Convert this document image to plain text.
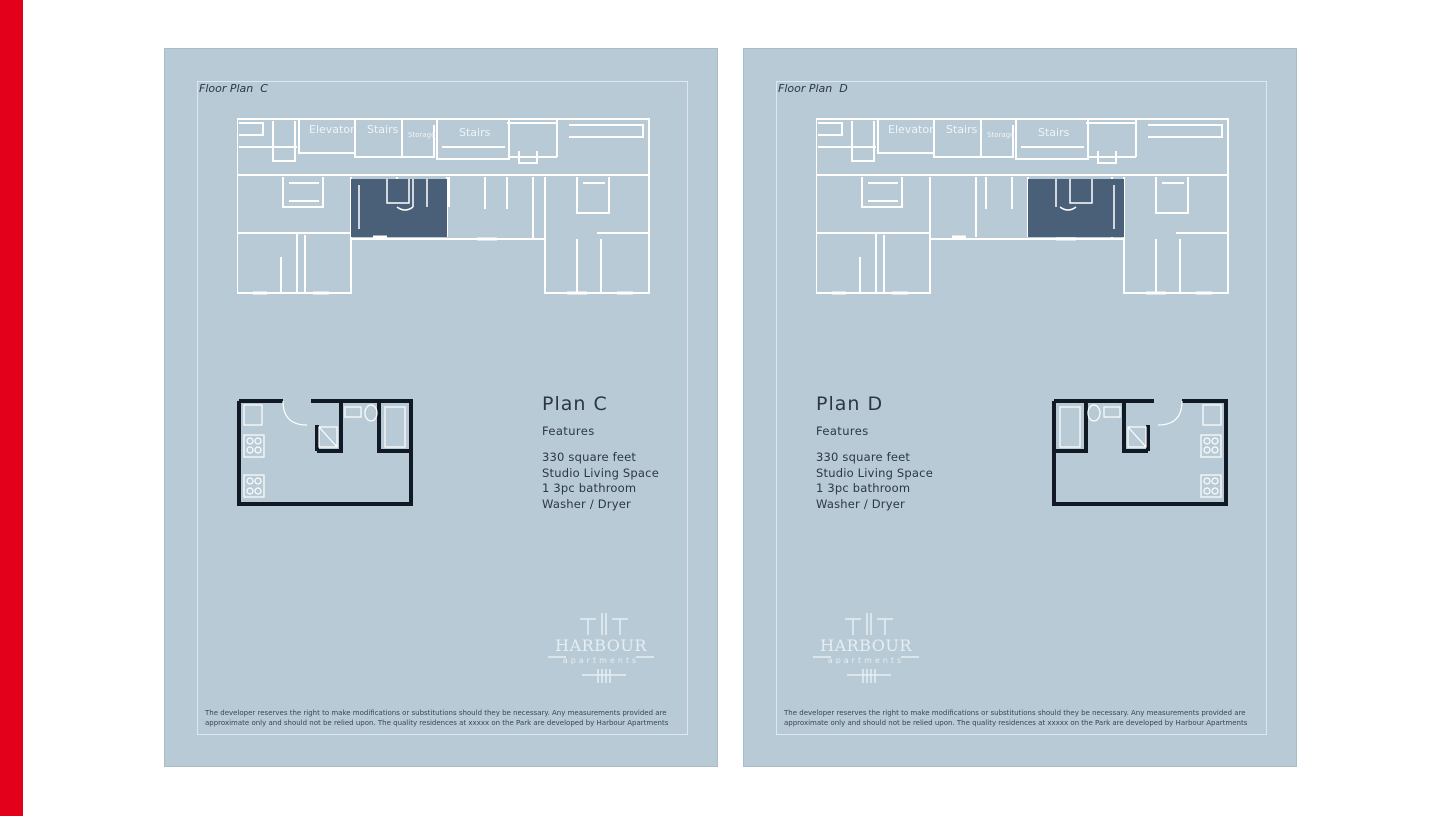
Floor Plan  C
Elevator Stairs Storage Stairs
Plan C
Features
330 square feet
Studio Living Space
1 3pc bathroom
Washer / Dryer
HARBOUR
apartments
The developer reserves the right to make modifications or substitutions should they be necessary. Any measurements provided are approximate only and should not be relied upon. The quality residences at xxxxx on the Park are developed by Harbour Apartments
Floor Plan  D
Elevator Stairs Storage Stairs
Plan D
Features
330 square feet
Studio Living Space
1 3pc bathroom
Washer / Dryer
HARBOUR
apartments
The developer reserves the right to make modifications or substitutions should they be necessary. Any measurements provided are approximate only and should not be relied upon. The quality residences at xxxxx on the Park are developed by Harbour Apartments
